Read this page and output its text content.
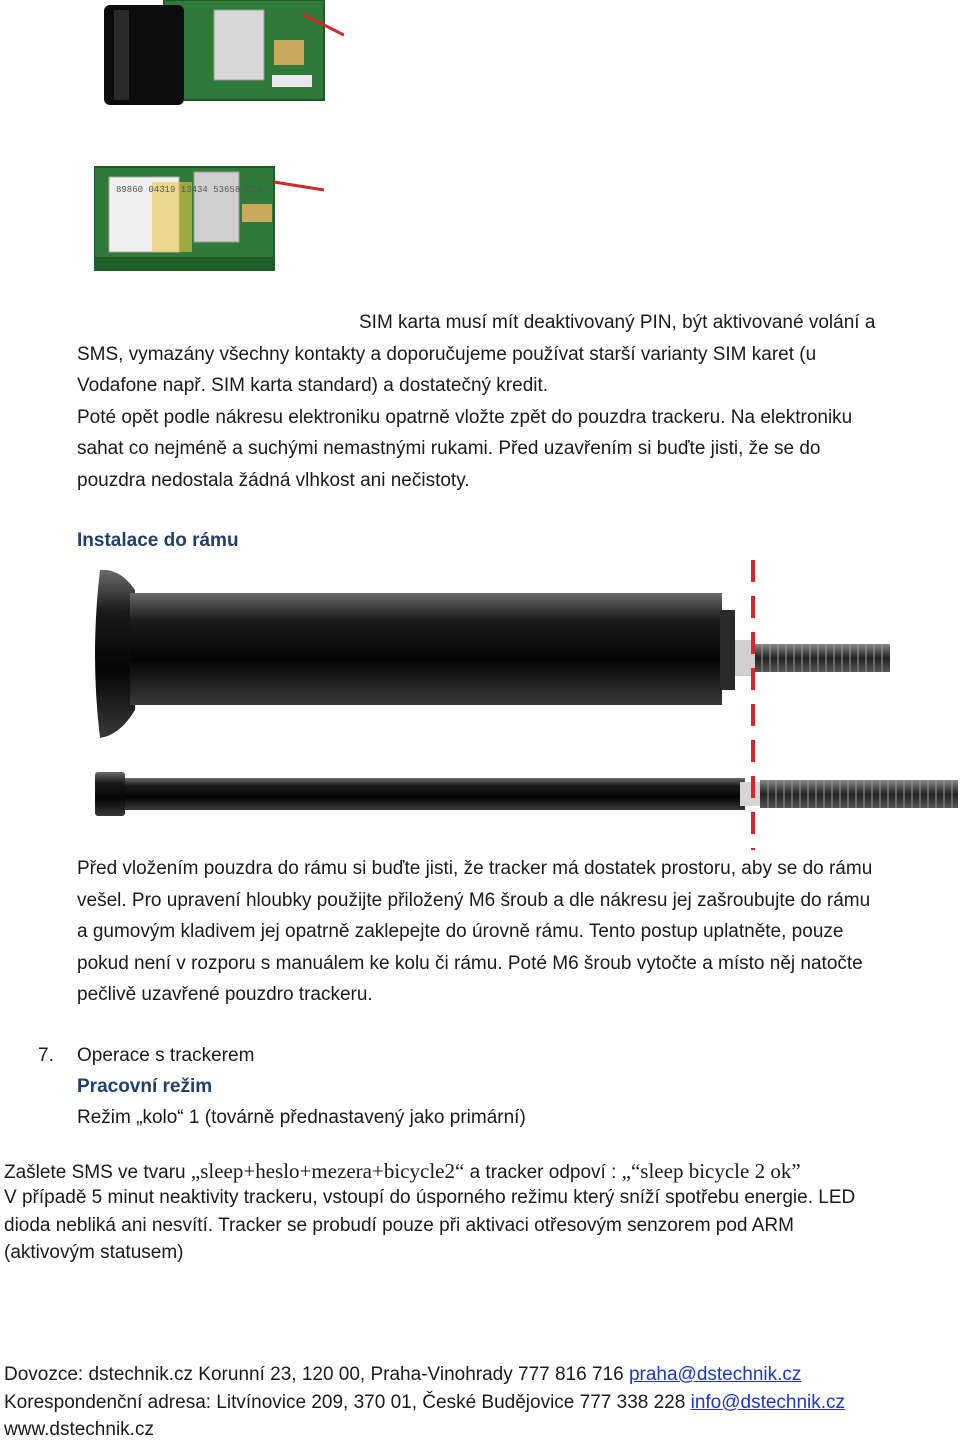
89860 04319 13434 53658 OTA
SIM karta musí mít deaktivovaný PIN, být aktivované volání a
SMS, vymazány všechny kontakty a doporučujeme používat starší varianty SIM karet (u
Vodafone např. SIM karta standard) a dostatečný kredit.
Poté opět podle nákresu elektroniku opatrně vložte zpět do pouzdra trackeru. Na elektroniku
sahat co nejméně a suchými nemastnými rukami. Před uzavřením si buďte jisti, že se do
pouzdra nedostala žádná vlhkost ani nečistoty.
Instalace do rámu
Před vložením pouzdra do rámu si buďte jisti, že tracker má dostatek prostoru, aby se do rámu
vešel. Pro upravení hloubky použijte přiložený M6 šroub a dle nákresu jej zašroubujte do rámu
a gumovým kladivem jej opatrně zaklepejte do úrovně rámu. Tento postup uplatněte, pouze
pokud není v rozporu s manuálem ke kolu či rámu. Poté M6 šroub vytočte a místo něj natočte
pečlivě uzavřené pouzdro trackeru.
7. Operace s trackerem
Pracovní režim
Režim „kolo“ 1 (továrně přednastavený jako primární)
Zašlete SMS ve tvaru „sleep+heslo+mezera+bicycle2“ a tracker odpoví : „“sleep bicycle 2 ok”
V případě 5 minut neaktivity trackeru, vstoupí do úsporného režimu který sníží spotřebu energie. LED
dioda nebliká ani nesvítí. Tracker se probudí pouze při aktivaci otřesovým senzorem pod ARM
(aktivovým statusem)
Dovozce: dstechnik.cz Korunní 23, 120 00, Praha-Vinohrady 777 816 716 praha@dstechnik.cz
Korespondenční adresa: Litvínovice 209, 370 01, České Budějovice 777 338 228 info@dstechnik.cz
www.dstechnik.cz
